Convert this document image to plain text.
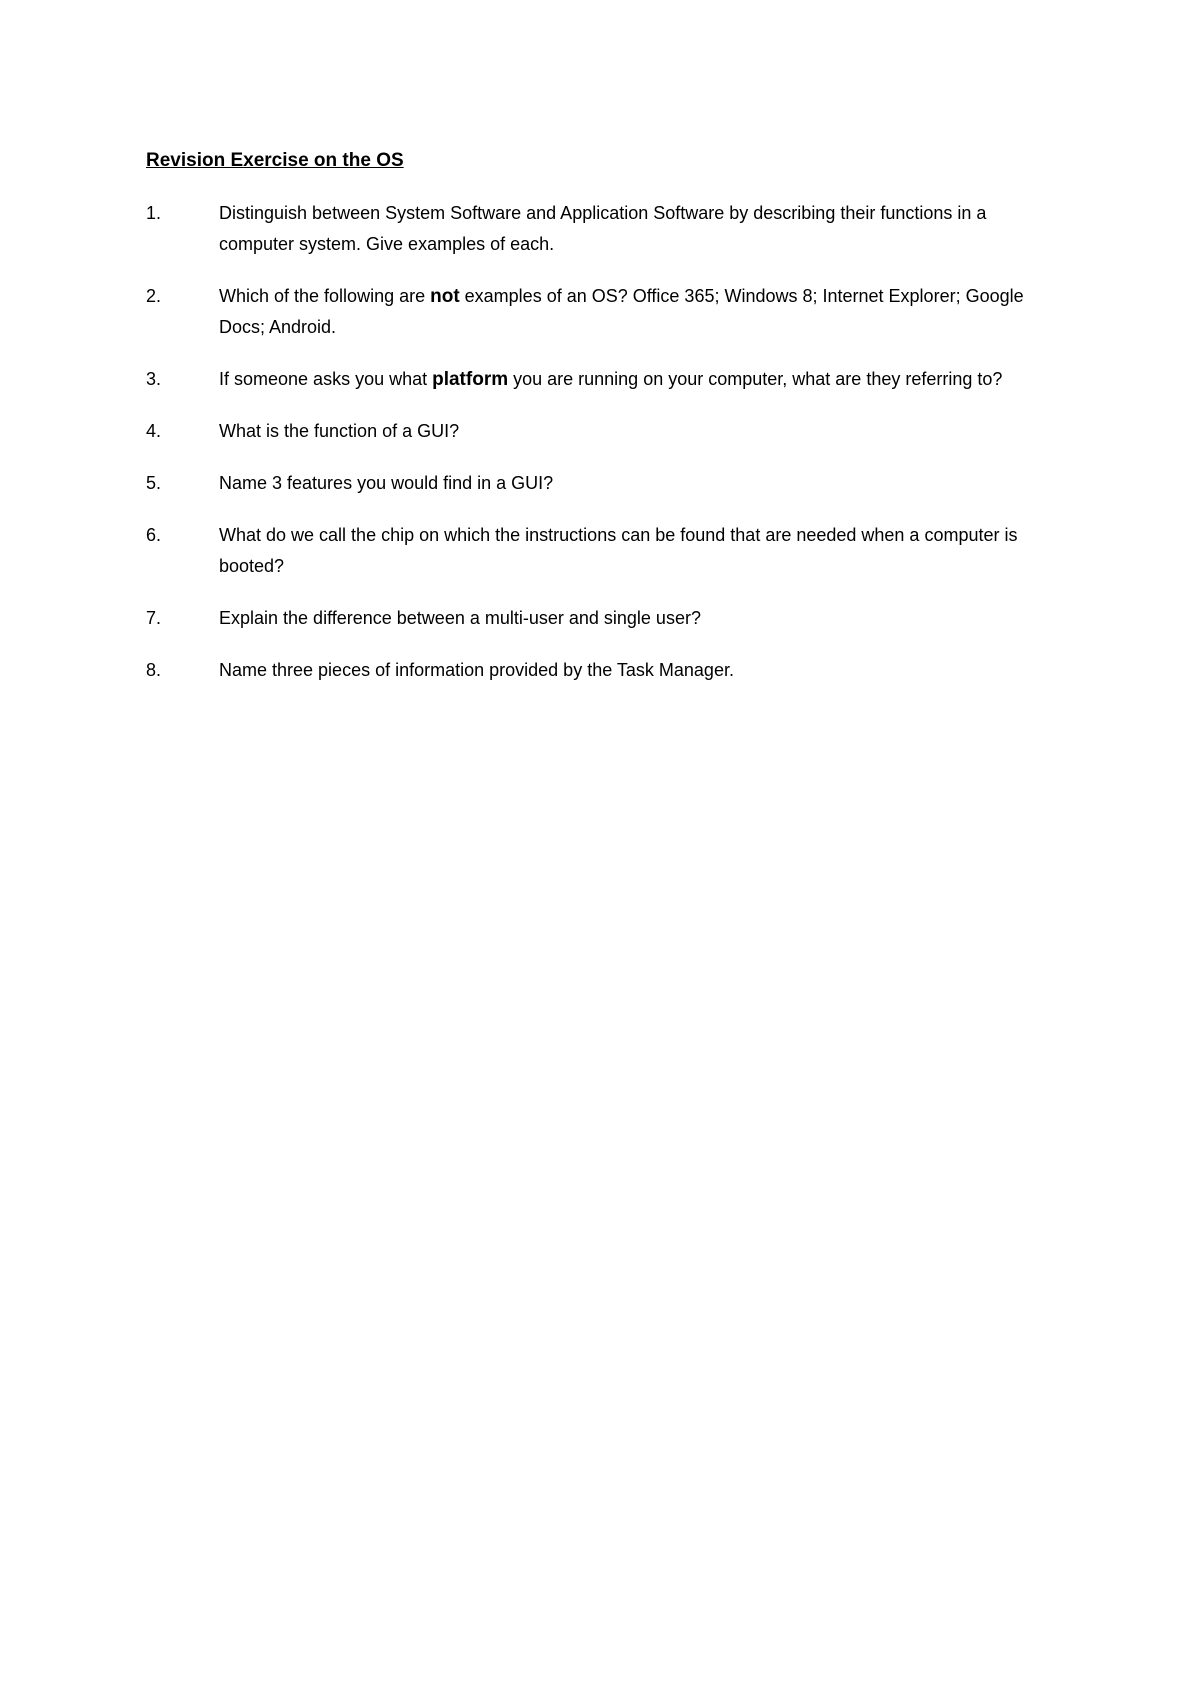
Revision Exercise on the OS
1.	Distinguish between System Software and Application Software by describing their functions in a computer system. Give examples of each.
2.	Which of the following are not examples of an OS? Office 365; Windows 8; Internet Explorer; Google Docs; Android.
3.	If someone asks you what platform you are running on your computer, what are they referring to?
4.	What is the function of a GUI?
5.	Name 3 features you would find in a GUI?
6.	What do we call the chip on which the instructions can be found that are needed when a computer is booted?
7.	Explain the difference between a multi-user and single user?
8.	Name three pieces of information provided by the Task Manager.
